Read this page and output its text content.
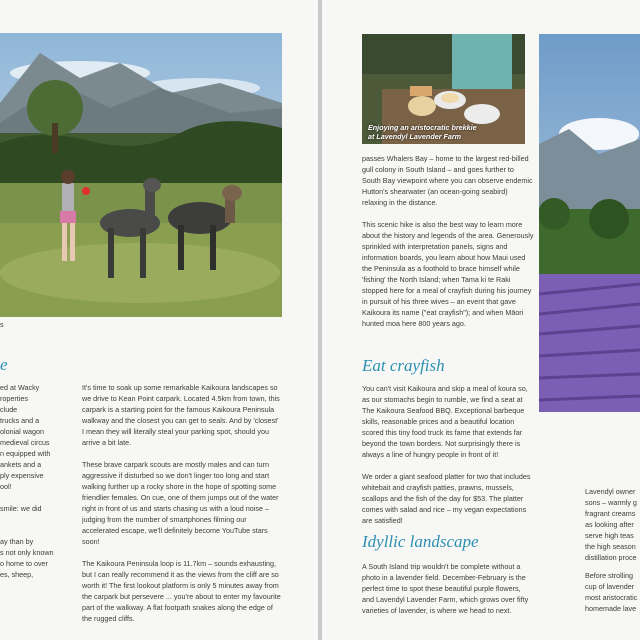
s
e
ed at Wacky
roperties
clude
trucks and a
olonial wagon
medieval circus
n equipped with
ankets and a
ply expensive
ool!
smile: we did
ay than by
s not only known
o home to over
es, sheep,

It's time to soak up some remarkable Kaikoura landscapes so we drive to Kean Point carpark. Located 4.5km from town, this carpark is a starting point for the famous Kaikoura Peninsula walkway and the closest you can get to seals. And by 'closest' I mean they will literally steal your parking spot, should you arrive a bit late.

These brave carpark scouts are mostly males and can turn aggressive if disturbed so we don't linger too long and start walking further up a rocky shore in the hope of spotting some friendlier females. On cue, one of them jumps out of the water right in front of us and starts chasing us with a loud noise – judging from the number of smartphones filming our accelerated escape, we'll definitely become YouTube stars soon!

The Kaikoura Peninsula loop is 11.7km – sounds exhausting, but I can really recommend it as the views from the cliff are so worth it! The first lookout platform is only 5 minutes away from the carpark but persevere ... you're about to enter my favourite part of the walkway. A flat footpath snakes along the edge of the rugged cliffs.

Enjoying an aristocratic brekkie at Lavendyl Lavender Farm

passes Whalers Bay – home to the largest red-billed gull colony in South Island – and goes further to South Bay viewpoint where you can observe endemic Hutton's shearwater (an ocean-going seabird) relaxing in the distance.

This scenic hike is also the best way to learn more about the history and legends of the area. Generously sprinkled with interpretation panels, signs and information boards, you learn about how Maui used the Peninsula as a foothold to brace himself while 'fishing' the North Island; when Tama ki te Raki stopped here for a meal of crayfish during his journey in pursuit of his three wives – an event that gave Kaikoura its name ("eat crayfish"); and when Māori hunted moa here 800 years ago.

Eat crayfish

You can't visit Kaikoura and skip a meal of koura so, as our stomachs begin to rumble, we find a seat at The Kaikoura Seafood BBQ. Exceptional barbeque skills, reasonable prices and a beautiful location scored this tiny food truck its fame that extends far beyond the town borders. Not surprisingly there is always a line of hungry people in front of it!

We order a giant seafood platter for two that includes whitebait and crayfish patties, prawns, mussels, scallops and the fish of the day for $53. The platter comes with salad and rice – my vegan expectations are satisfied!

Idyllic landscape

A South Island trip wouldn't be complete without a photo in a lavender field. December-February is the perfect time to spot these beautiful purple flowers, and Lavendyl Lavender Farm, which grows over fifty varieties of lavender, is where we head to next.

Lavendyl owner
sons – warmly g
fragrant creams
as looking after
serve high teas
the high season
distillation proce
Before strolling
cup of lavender
most aristocratic
homemade lave
